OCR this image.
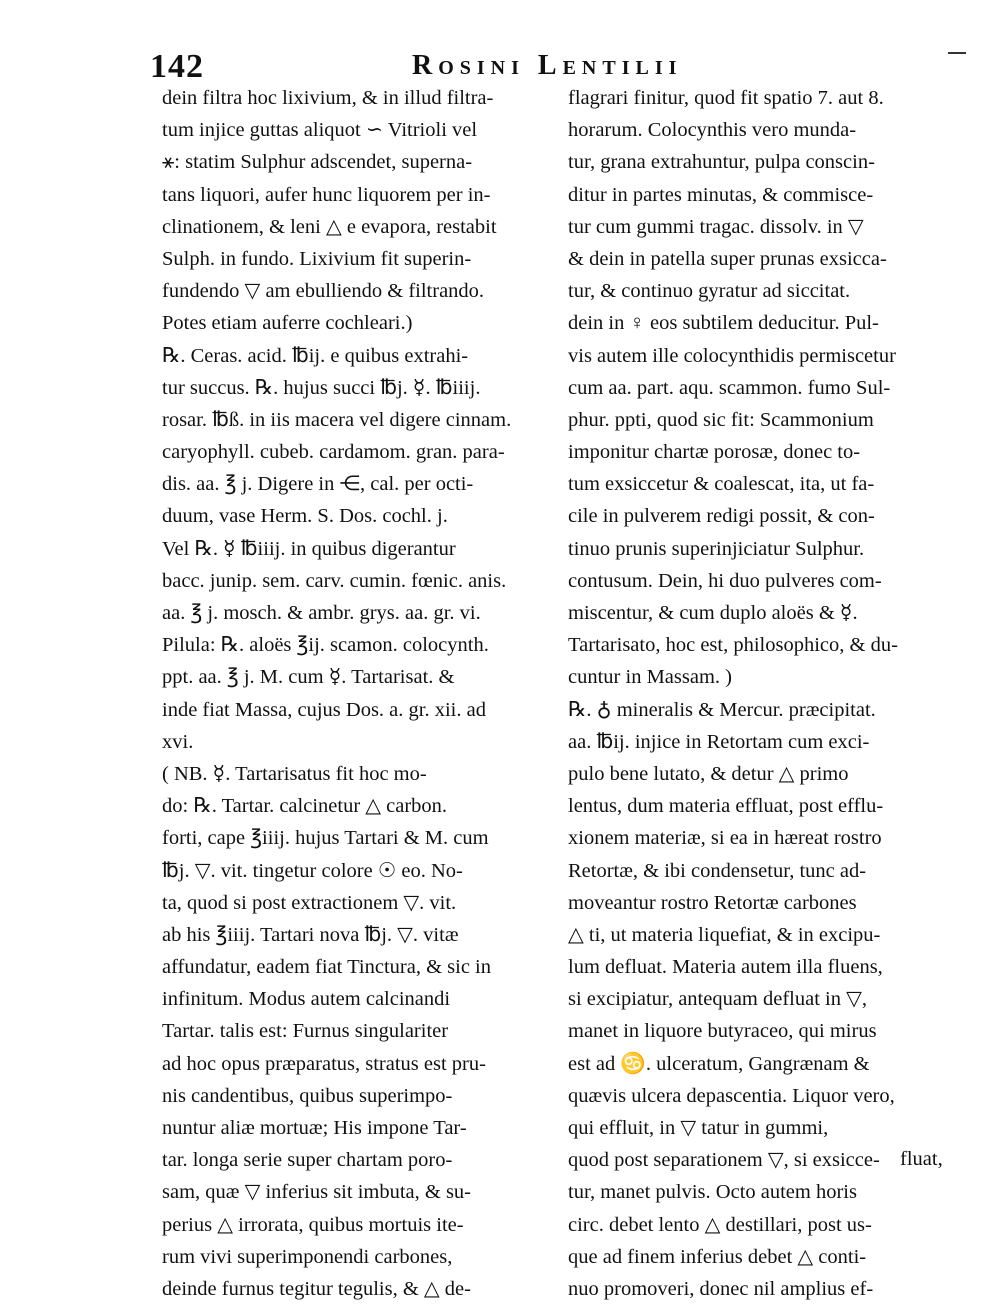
142	Rosini Lentilii
dein filtra hoc lixivium, & in illud filtra-
tum injice guttas aliquot ∽ Vitrioli vel
⚹: statim Sulphur adscendet, superna-
tans liquori, aufer hunc liquorem per in-
clinationem, & leni △ e evapora, restabit
Sulph. in fundo. Lixivium fit superin-
fundendo ▽ am ebulliendo & filtrando.
Potes etiam auferre cochleari.)
℞. Ceras. acid. ℔ij. e quibus extrahi-
tur succus. ℞. hujus succi ℔j. ☿. ℔iiij.
rosar. ℔ß. in iis macera vel digere cinnam.
caryophyll. cubeb. cardamom. gran. para-
dis. aa. ℥ j. Digere in ⋲, cal. per octi-
duum, vase Herm. S. Dos. cochl. j.
Vel ℞. ☿ ℔iiij. in quibus digerantur
bacc. junip. sem. carv. cumin. fœnic. anis.
aa. ℥ j. mosch. & ambr. grys. aa. gr. vi.
Pilula: ℞. aloës ℥ij. scamon. colocynth.
ppt. aa. ℥ j. M. cum ☿. Tartarisat. &
inde fiat Massa, cujus Dos. a. gr. xii. ad
xvi.
( NB. ☿. Tartarisatus fit hoc mo-
do: ℞. Tartar. calcinetur △ carbon.
forti, cape ℥iiij. hujus Tartari & M. cum
℔j. ▽. vit. tingetur colore ☉ eo. No-
ta, quod si post extractionem ▽. vit.
ab his ℥iiij. Tartari nova ℔j. ▽. vitæ
affundatur, eadem fiat Tinctura, & sic in
infinitum. Modus autem calcinandi
Tartar. talis est: Furnus singulariter
ad hoc opus præparatus, stratus est pru-
nis candentibus, quibus superimpo-
nuntur aliæ mortuæ; His impone Tar-
tar. longa serie super chartam poro-
sam, quæ ▽ inferius sit imbuta, & su-
perius △ irrorata, quibus mortuis ite-
rum vivi superimponendi carbones,
deinde furnus tegitur tegulis, & △ de-
flagrari finitur, quod fit spatio 7. aut 8.
horarum. Colocynthis vero munda-
tur, grana extrahuntur, pulpa conscin-
ditur in partes minutas, & commisce-
tur cum gummi tragac. dissolv. in ▽
& dein in patella super prunas exsicca-
tur, & continuo gyratur ad siccitat.
dein in ♀ eos subtilem deducitur. Pul-
vis autem ille colocynthidis permiscetur
cum aa. part. aqu. scammon. fumo Sul-
phur. ppti, quod sic fit: Scammonium
imponitur chartæ porosæ, donec to-
tum exsiccetur & coalescat, ita, ut fa-
cile in pulverem redigi possit, & con-
tinuo prunis superinjiciatur Sulphur.
contusum. Dein, hi duo pulveres com-
miscentur, & cum duplo aloës & ☿.
Tartarisato, hoc est, philosophico, & du-
cuntur in Massam. )
℞. ♁ mineralis & Mercur. præcipitat.
aa. ℔ij. injice in Retortam cum exci-
pulo bene lutato, & detur △ primo
lentus, dum materia effluat, post efflu-
xionem materiæ, si ea in hæreat rostro
Retortæ, & ibi condensetur, tunc ad-
moveantur rostro Retortæ carbones
△ ti, ut materia liquefiat, & in excipu-
lum defluat. Materia autem illa fluens,
si excipiatur, antequam defluat in ▽,
manet in liquore butyraceo, qui mirus
est ad ♋. ulceratum, Gangrænam &
quævis ulcera depascentia. Liquor vero,
qui effluit, in ▽ tatur in gummi,
quod post separationem ▽, si exsicce-
tur, manet pulvis. Octo autem horis
circ. debet lento △ destillari, post us-
que ad finem inferius debet △ conti-
nuo promoveri, donec nil amplius ef-
fluat,
